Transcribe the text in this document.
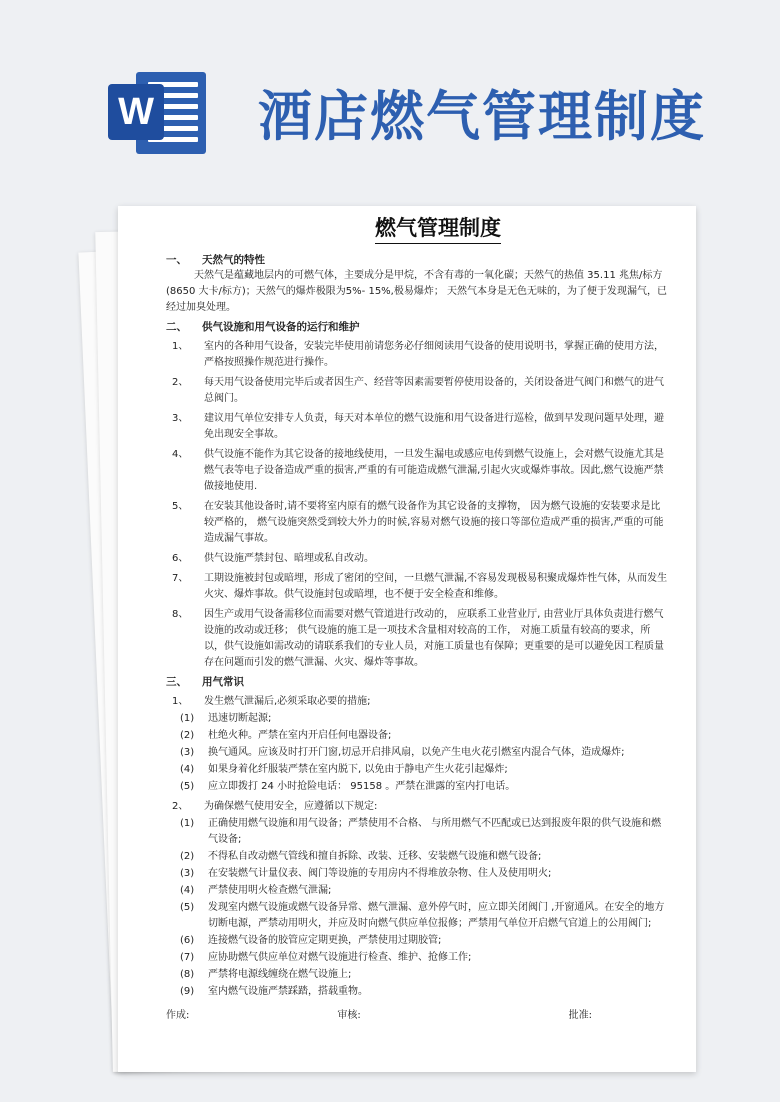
W 酒店燃气管理制度
燃气管理制度
一、	天然气的特性
天然气是蕴藏地层内的可燃气体，主要成分是甲烷，不含有毒的一氧化碳；天然气的热值 35.11 兆焦/标方(8650 大卡/标方)；天然气的爆炸极限为5%- 15%,极易爆炸； 天然气本身是无色无味的，为了便于发现漏气，已经过加臭处理。
二、	供气设施和用气设备的运行和维护
1、	室内的各种用气设备，安装完毕使用前请您务必仔细阅读用气设备的使用说明书，掌握正确的使用方法，严格按照操作规范进行操作。
2、	每天用气设备使用完毕后或者因生产、经营等因素需要暂停使用设备的，关闭设备进气阀门和燃气的进气总阀门。
3、	建议用气单位安排专人负责，每天对本单位的燃气设施和用气设备进行巡检，做到早发现问题早处理，避免出现安全事故。
4、	供气设施不能作为其它设备的接地线使用，一旦发生漏电或感应电传到燃气设施上，会对燃气设施尤其是燃气表等电子设备造成严重的损害,严重的有可能造成燃气泄漏,引起火灾或爆炸事故。因此,燃气设施严禁做接地使用.
5、	在安装其他设备时,请不要将室内原有的燃气设备作为其它设备的支撑物， 因为燃气设施的安装要求是比较严格的， 燃气设施突然受到较大外力的时候,容易对燃气设施的接口等部位造成严重的损害,严重的可能造成漏气事故。
6、	供气设施严禁封包、暗埋或私自改动。
7、	工期设施被封包或暗埋，形成了密闭的空间，一旦燃气泄漏,不容易发现极易积聚成爆炸性气体，从而发生火灾、爆炸事故。供气设施封包或暗埋，也不便于安全检查和维修。
8、	因生产或用气设备需移位而需要对燃气管道进行改动的， 应联系工业营业厅, 由营业厅具体负责进行燃气设施的改动或迁移； 供气设施的施工是一项技术含量相对较高的工作， 对施工质量有较高的要求，所以，供气设施如需改动的请联系我们的专业人员，对施工质量也有保障；更重要的是可以避免因工程质量存在问题而引发的燃气泄漏、火灾、爆炸等事故。
三、	用气常识
1、	发生燃气泄漏后,必须采取必要的措施;
(1)	迅速切断起源;
(2)	杜绝火种。严禁在室内开启任何电器设备;
(3)	换气通风。应该及时打开门窗,切忌开启排风扇，以免产生电火花引燃室内混合气体，造成爆炸;
(4)	如果身着化纤服装严禁在室内脱下, 以免由于静电产生火花引起爆炸;
(5)	应立即拨打 24 小时抢险电话： 95158 。严禁在泄露的室内打电话。
2、	为确保燃气使用安全，应遵循以下规定:
(1)	正确使用燃气设施和用气设备；严禁使用不合格、 与所用燃气不匹配或已达到报废年限的供气设施和燃气设备;
(2)	不得私自改动燃气管线和擅自拆除、改装、迁移、安装燃气设施和燃气设备;
(3)	在安装燃气计量仪表、阀门等设施的专用房内不得堆放杂物、住人及使用明火;
(4)	严禁使用明火检查燃气泄漏;
(5)	发现室内燃气设施或燃气设备异常、燃气泄漏、意外停气时，应立即关闭阀门 ,开窗通风。在安全的地方切断电源，严禁动用明火，并应及时向燃气供应单位报修；严禁用气单位开启燃气官道上的公用阀门;
(6)	连接燃气设备的胶管应定期更换，严禁使用过期胶管;
(7)	应协助燃气供应单位对燃气设施进行检查、维护、抢修工作;
(8)	严禁将电源线缠绕在燃气设施上;
(9)	室内燃气设施严禁踩踏，搭载重物。
作成:	审核:	批准:
